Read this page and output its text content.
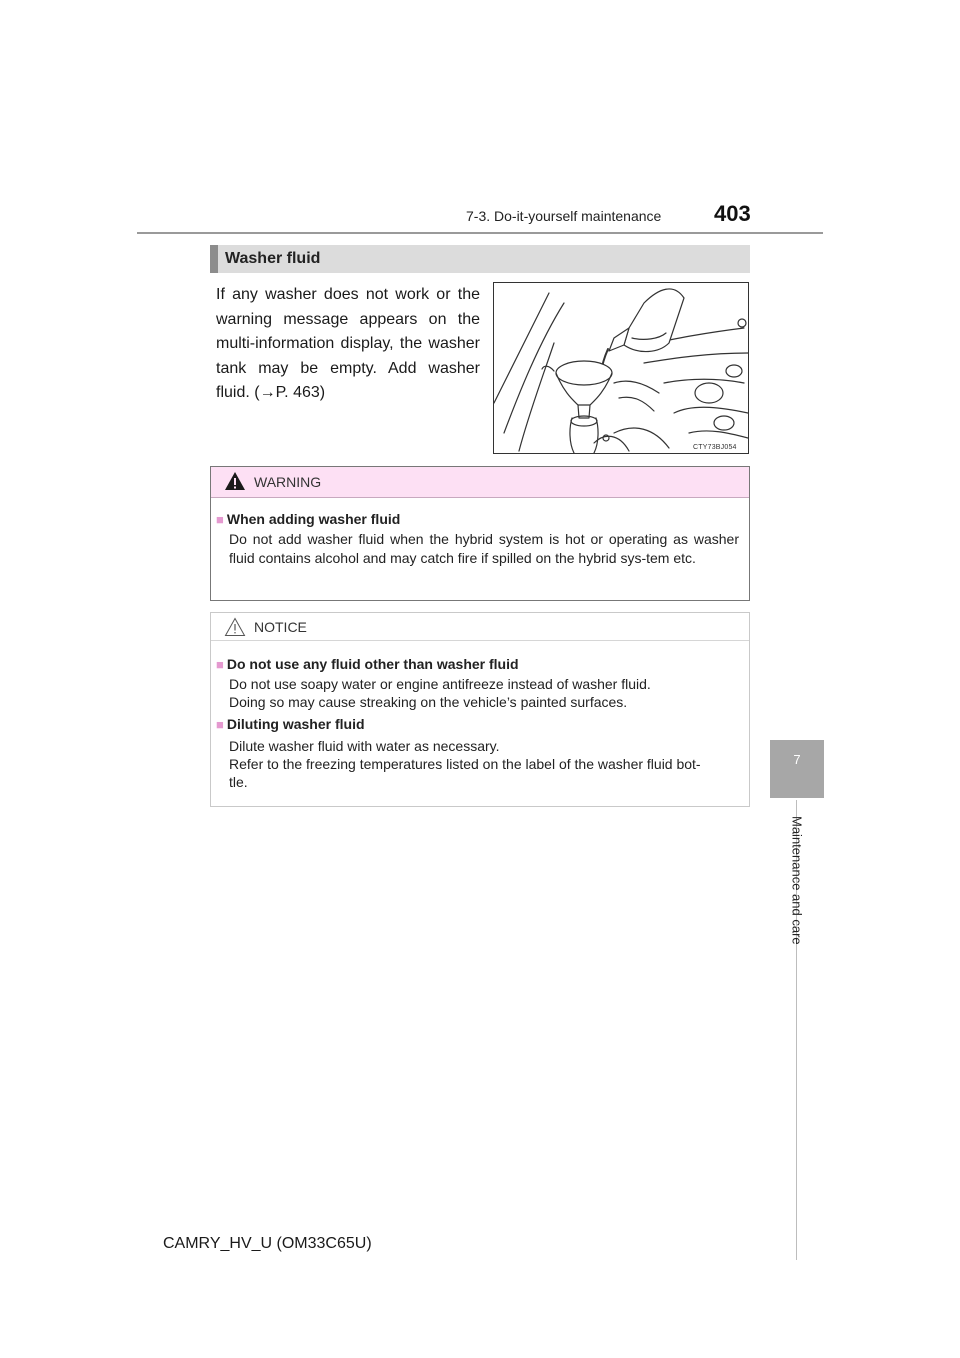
7-3. Do-it-yourself maintenance 403
7
Maintenance and care
Washer fluid
If any washer does not work or the warning message appears on the multi-information display, the washer tank may be empty. Add washer fluid. (→P. 463)
CTY73BJ054
WARNING
■ When adding washer fluid
Do not add washer fluid when the hybrid system is hot or operating as washer fluid contains alcohol and may catch fire if spilled on the hybrid sys-tem etc.
NOTICE
■ Do not use any fluid other than washer fluid
Do not use soapy water or engine antifreeze instead of washer fluid.
Doing so may cause streaking on the vehicle’s painted surfaces.
■ Diluting washer fluid
Dilute washer fluid with water as necessary.
Refer to the freezing temperatures listed on the label of the washer fluid bot-
tle.
CAMRY_HV_U (OM33C65U)
